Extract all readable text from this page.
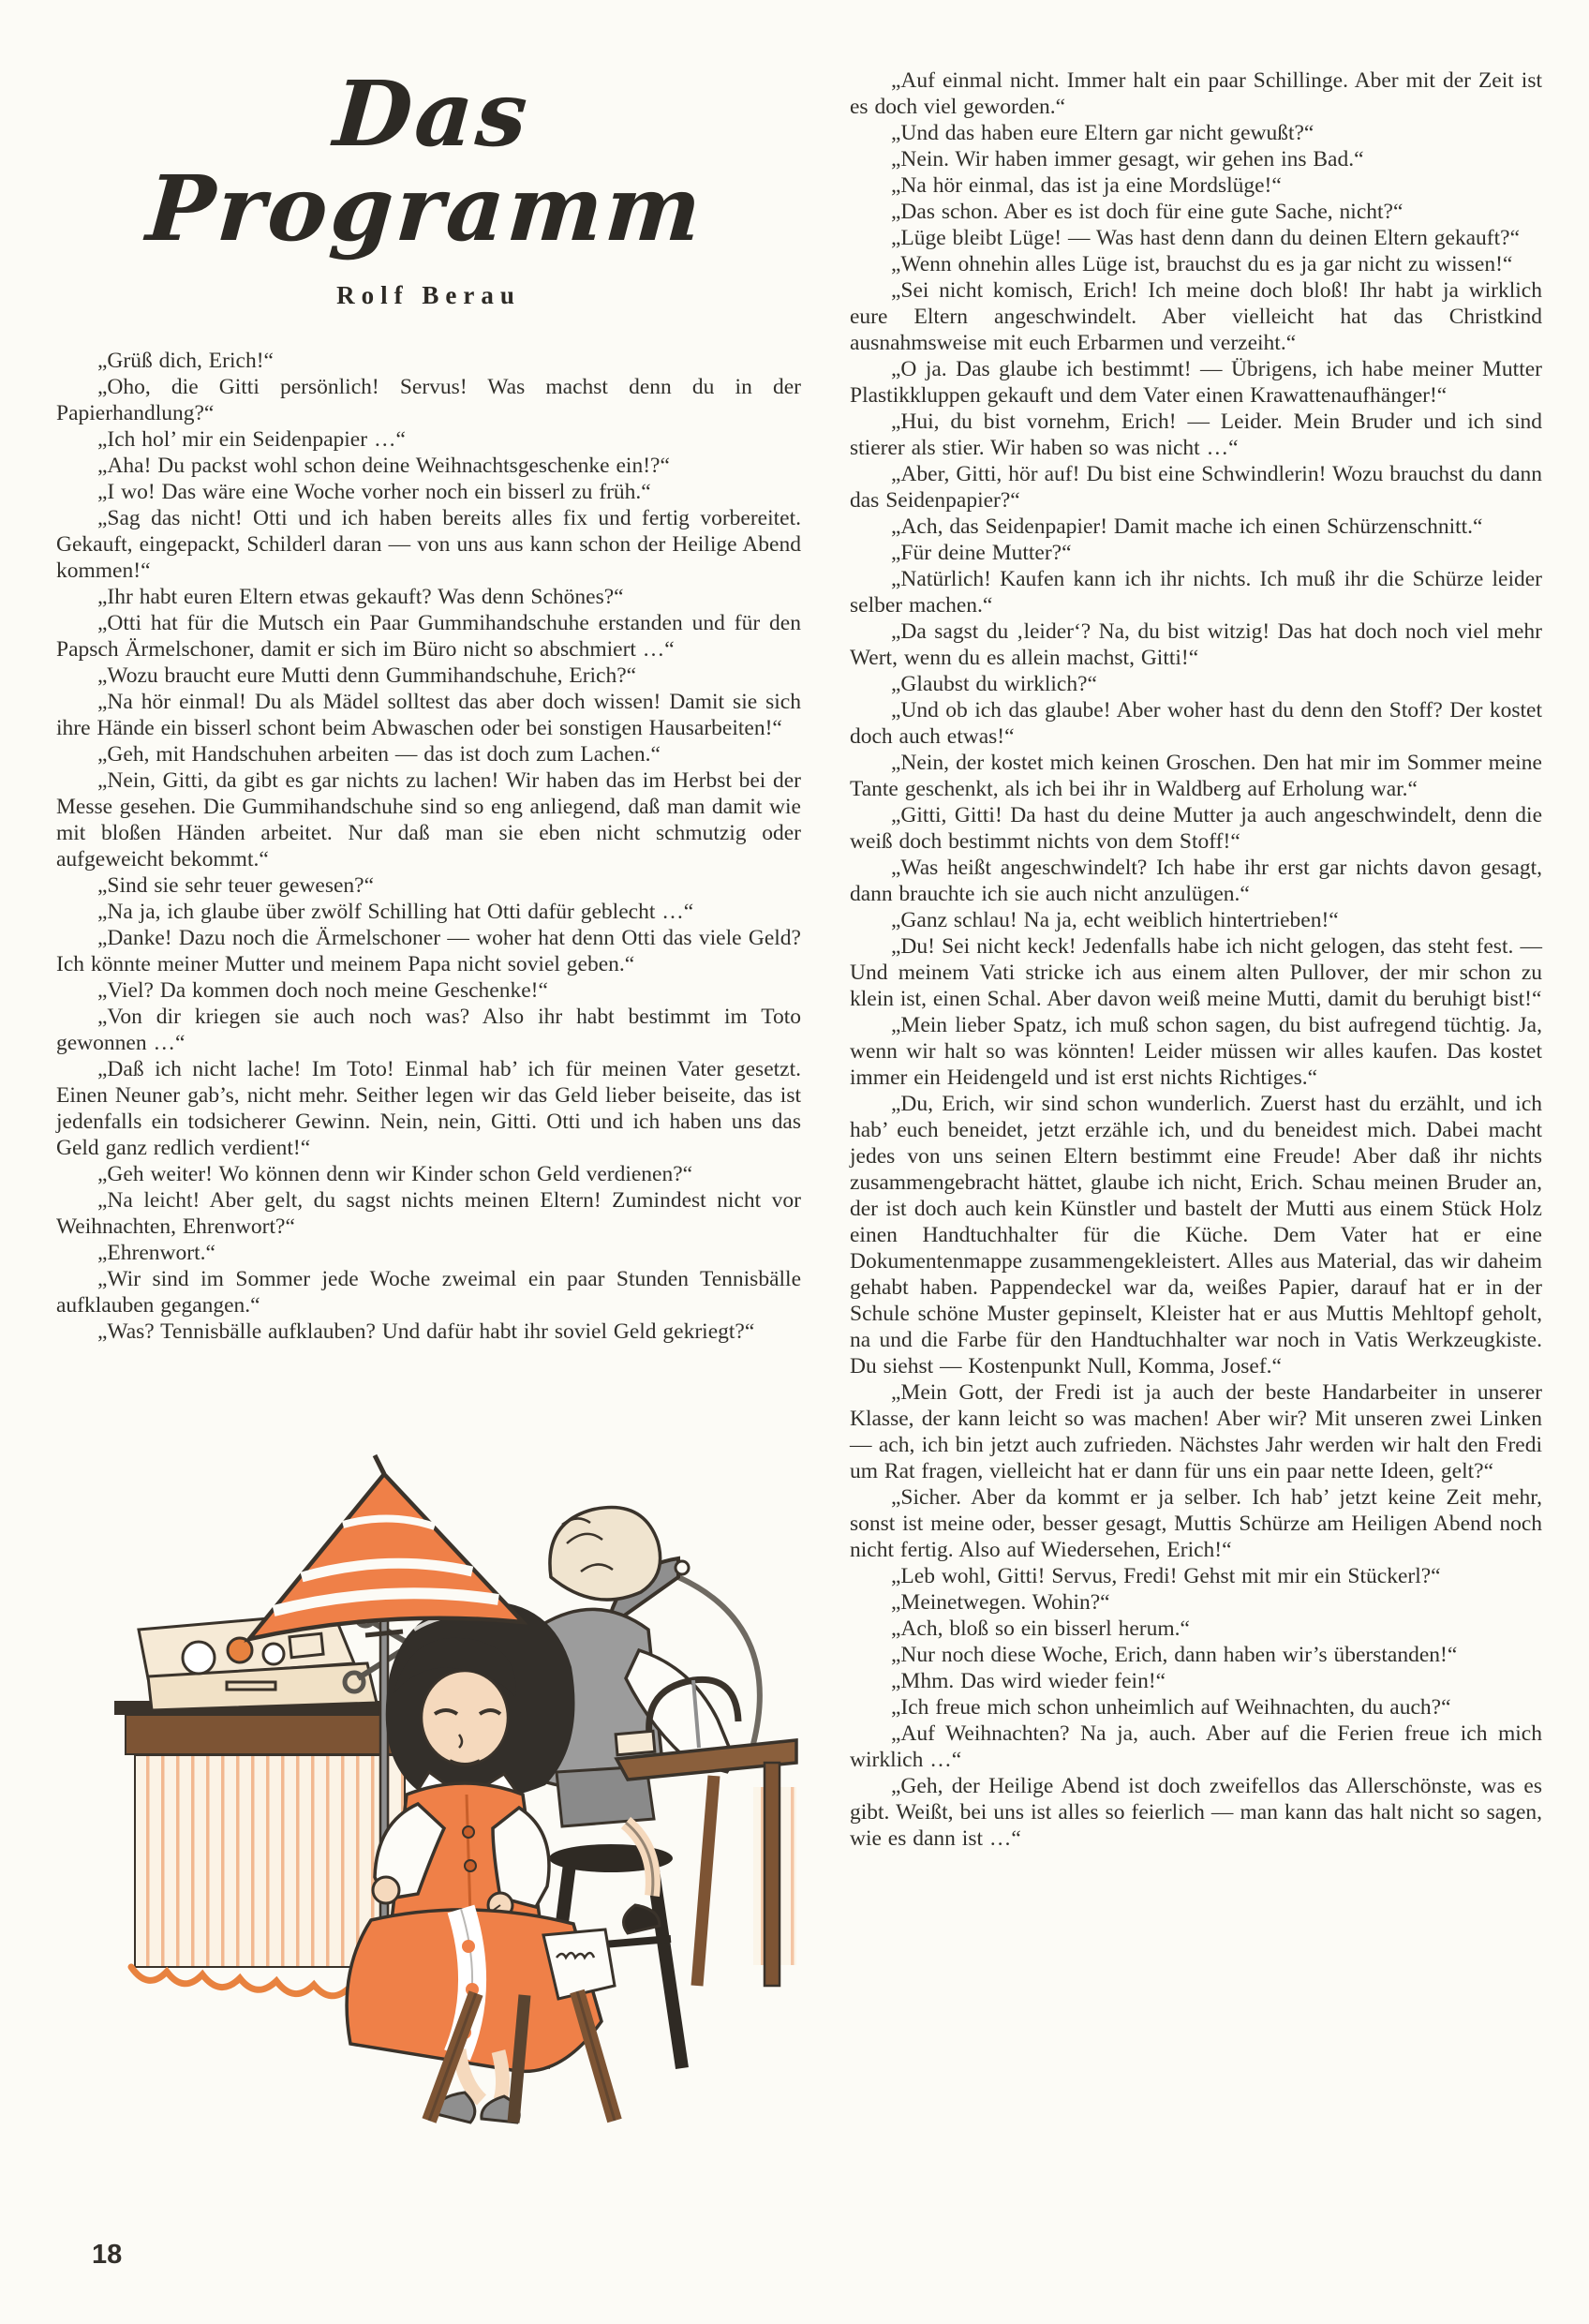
Das Programm
Rolf Berau

„Grüß dich, Erich!“

„Oho, die Gitti persönlich! Servus! Was machst denn du in der Papierhandlung?“

„Ich hol’ mir ein Seidenpapier …“

„Aha! Du packst wohl schon deine Weihnachtsgeschenke ein!?“

„I wo! Das wäre eine Woche vorher noch ein bisserl zu früh.“

„Sag das nicht! Otti und ich haben bereits alles fix und fertig vorbereitet. Gekauft, eingepackt, Schilderl daran — von uns aus kann schon der Heilige Abend kommen!“

„Ihr habt euren Eltern etwas gekauft? Was denn Schönes?“

„Otti hat für die Mutsch ein Paar Gummihandschuhe erstanden und für den Papsch Ärmelschoner, damit er sich im Büro nicht so abschmiert …“

„Wozu braucht eure Mutti denn Gummihandschuhe, Erich?“

„Na hör einmal! Du als Mädel solltest das aber doch wissen! Damit sie sich ihre Hände ein bisserl schont beim Abwaschen oder bei sonstigen Hausarbeiten!“

„Geh, mit Handschuhen arbeiten — das ist doch zum Lachen.“

„Nein, Gitti, da gibt es gar nichts zu lachen! Wir haben das im Herbst bei der Messe gesehen. Die Gummihandschuhe sind so eng anliegend, daß man damit wie mit bloßen Händen arbeitet. Nur daß man sie eben nicht schmutzig oder aufgeweicht bekommt.“

„Sind sie sehr teuer gewesen?“

„Na ja, ich glaube über zwölf Schilling hat Otti dafür geblecht …“

„Danke! Dazu noch die Ärmelschoner — woher hat denn Otti das viele Geld? Ich könnte meiner Mutter und meinem Papa nicht soviel geben.“

„Viel? Da kommen doch noch meine Geschenke!“

„Von dir kriegen sie auch noch was? Also ihr habt bestimmt im Toto gewonnen …“

„Daß ich nicht lache! Im Toto! Einmal hab’ ich für meinen Vater gesetzt. Einen Neuner gab’s, nicht mehr. Seither legen wir das Geld lieber beiseite, das ist jedenfalls ein todsicherer Gewinn. Nein, nein, Gitti. Otti und ich haben uns das Geld ganz redlich verdient!“

„Geh weiter! Wo können denn wir Kinder schon Geld verdienen?“

„Na leicht! Aber gelt, du sagst nichts meinen Eltern! Zumindest nicht vor Weihnachten, Ehrenwort?“

„Ehrenwort.“

„Wir sind im Sommer jede Woche zweimal ein paar Stunden Tennisbälle aufklauben gegangen.“

„Was? Tennisbälle aufklauben? Und dafür habt ihr soviel Geld gekriegt?“

„Auf einmal nicht. Immer halt ein paar Schillinge. Aber mit der Zeit ist es doch viel geworden.“

„Und das haben eure Eltern gar nicht gewußt?“

„Nein. Wir haben immer gesagt, wir gehen ins Bad.“

„Na hör einmal, das ist ja eine Mordslüge!“

„Das schon. Aber es ist doch für eine gute Sache, nicht?“

„Lüge bleibt Lüge! — Was hast denn dann du deinen Eltern gekauft?“

„Wenn ohnehin alles Lüge ist, brauchst du es ja gar nicht zu wissen!“

„Sei nicht komisch, Erich! Ich meine doch bloß! Ihr habt ja wirklich eure Eltern angeschwindelt. Aber vielleicht hat das Christkind ausnahmsweise mit euch Erbarmen und verzeiht.“

„O ja. Das glaube ich bestimmt! — Übrigens, ich habe meiner Mutter Plastikkluppen gekauft und dem Vater einen Krawattenaufhänger!“

„Hui, du bist vornehm, Erich! — Leider. Mein Bruder und ich sind stierer als stier. Wir haben so was nicht …“

„Aber, Gitti, hör auf! Du bist eine Schwindlerin! Wozu brauchst du dann das Seidenpapier?“

„Ach, das Seidenpapier! Damit mache ich einen Schürzenschnitt.“

„Für deine Mutter?“

„Natürlich! Kaufen kann ich ihr nichts. Ich muß ihr die Schürze leider selber machen.“

„Da sagst du ‚leider‘? Na, du bist witzig! Das hat doch noch viel mehr Wert, wenn du es allein machst, Gitti!“

„Glaubst du wirklich?“

„Und ob ich das glaube! Aber woher hast du denn den Stoff? Der kostet doch auch etwas!“

„Nein, der kostet mich keinen Groschen. Den hat mir im Sommer meine Tante geschenkt, als ich bei ihr in Waldberg auf Erholung war.“

„Gitti, Gitti! Da hast du deine Mutter ja auch angeschwindelt, denn die weiß doch bestimmt nichts von dem Stoff!“

„Was heißt angeschwindelt? Ich habe ihr erst gar nichts davon gesagt, dann brauchte ich sie auch nicht anzulügen.“

„Ganz schlau! Na ja, echt weiblich hintertrieben!“

„Du! Sei nicht keck! Jedenfalls habe ich nicht gelogen, das steht fest. — Und meinem Vati stricke ich aus einem alten Pullover, der mir schon zu klein ist, einen Schal. Aber davon weiß meine Mutti, damit du beruhigt bist!“

„Mein lieber Spatz, ich muß schon sagen, du bist aufregend tüchtig. Ja, wenn wir halt so was könnten! Leider müssen wir alles kaufen. Das kostet immer ein Heidengeld und ist erst nichts Richtiges.“

„Du, Erich, wir sind schon wunderlich. Zuerst hast du erzählt, und ich hab’ euch beneidet, jetzt erzähle ich, und du beneidest mich. Dabei macht jedes von uns seinen Eltern bestimmt eine Freude! Aber daß ihr nichts zusammengebracht hättet, glaube ich nicht, Erich. Schau meinen Bruder an, der ist doch auch kein Künstler und bastelt der Mutti aus einem Stück Holz einen Handtuchhalter für die Küche. Dem Vater hat er eine Dokumentenmappe zusammengekleistert. Alles aus Material, das wir daheim gehabt haben. Pappendeckel war da, weißes Papier, darauf hat er in der Schule schöne Muster gepinselt, Kleister hat er aus Muttis Mehltopf geholt, na und die Farbe für den Handtuchhalter war noch in Vatis Werkzeugkiste. Du siehst — Kostenpunkt Null, Komma, Josef.“

„Mein Gott, der Fredi ist ja auch der beste Handarbeiter in unserer Klasse, der kann leicht so was machen! Aber wir? Mit unseren zwei Linken — ach, ich bin jetzt auch zufrieden. Nächstes Jahr werden wir halt den Fredi um Rat fragen, vielleicht hat er dann für uns ein paar nette Ideen, gelt?“

„Sicher. Aber da kommt er ja selber. Ich hab’ jetzt keine Zeit mehr, sonst ist meine oder, besser gesagt, Muttis Schürze am Heiligen Abend noch nicht fertig. Also auf Wiedersehen, Erich!“

„Leb wohl, Gitti! Servus, Fredi! Gehst mit mir ein Stückerl?“

„Meinetwegen. Wohin?“

„Ach, bloß so ein bisserl herum.“

„Nur noch diese Woche, Erich, dann haben wir’s überstanden!“

„Mhm. Das wird wieder fein!“

„Ich freue mich schon unheimlich auf Weihnachten, du auch?“

„Auf Weihnachten? Na ja, auch. Aber auf die Ferien freue ich mich wirklich …“

„Geh, der Heilige Abend ist doch zweifellos das Allerschönste, was es gibt. Weißt, bei uns ist alles so feierlich — man kann das halt nicht so sagen, wie es dann ist …“

18
